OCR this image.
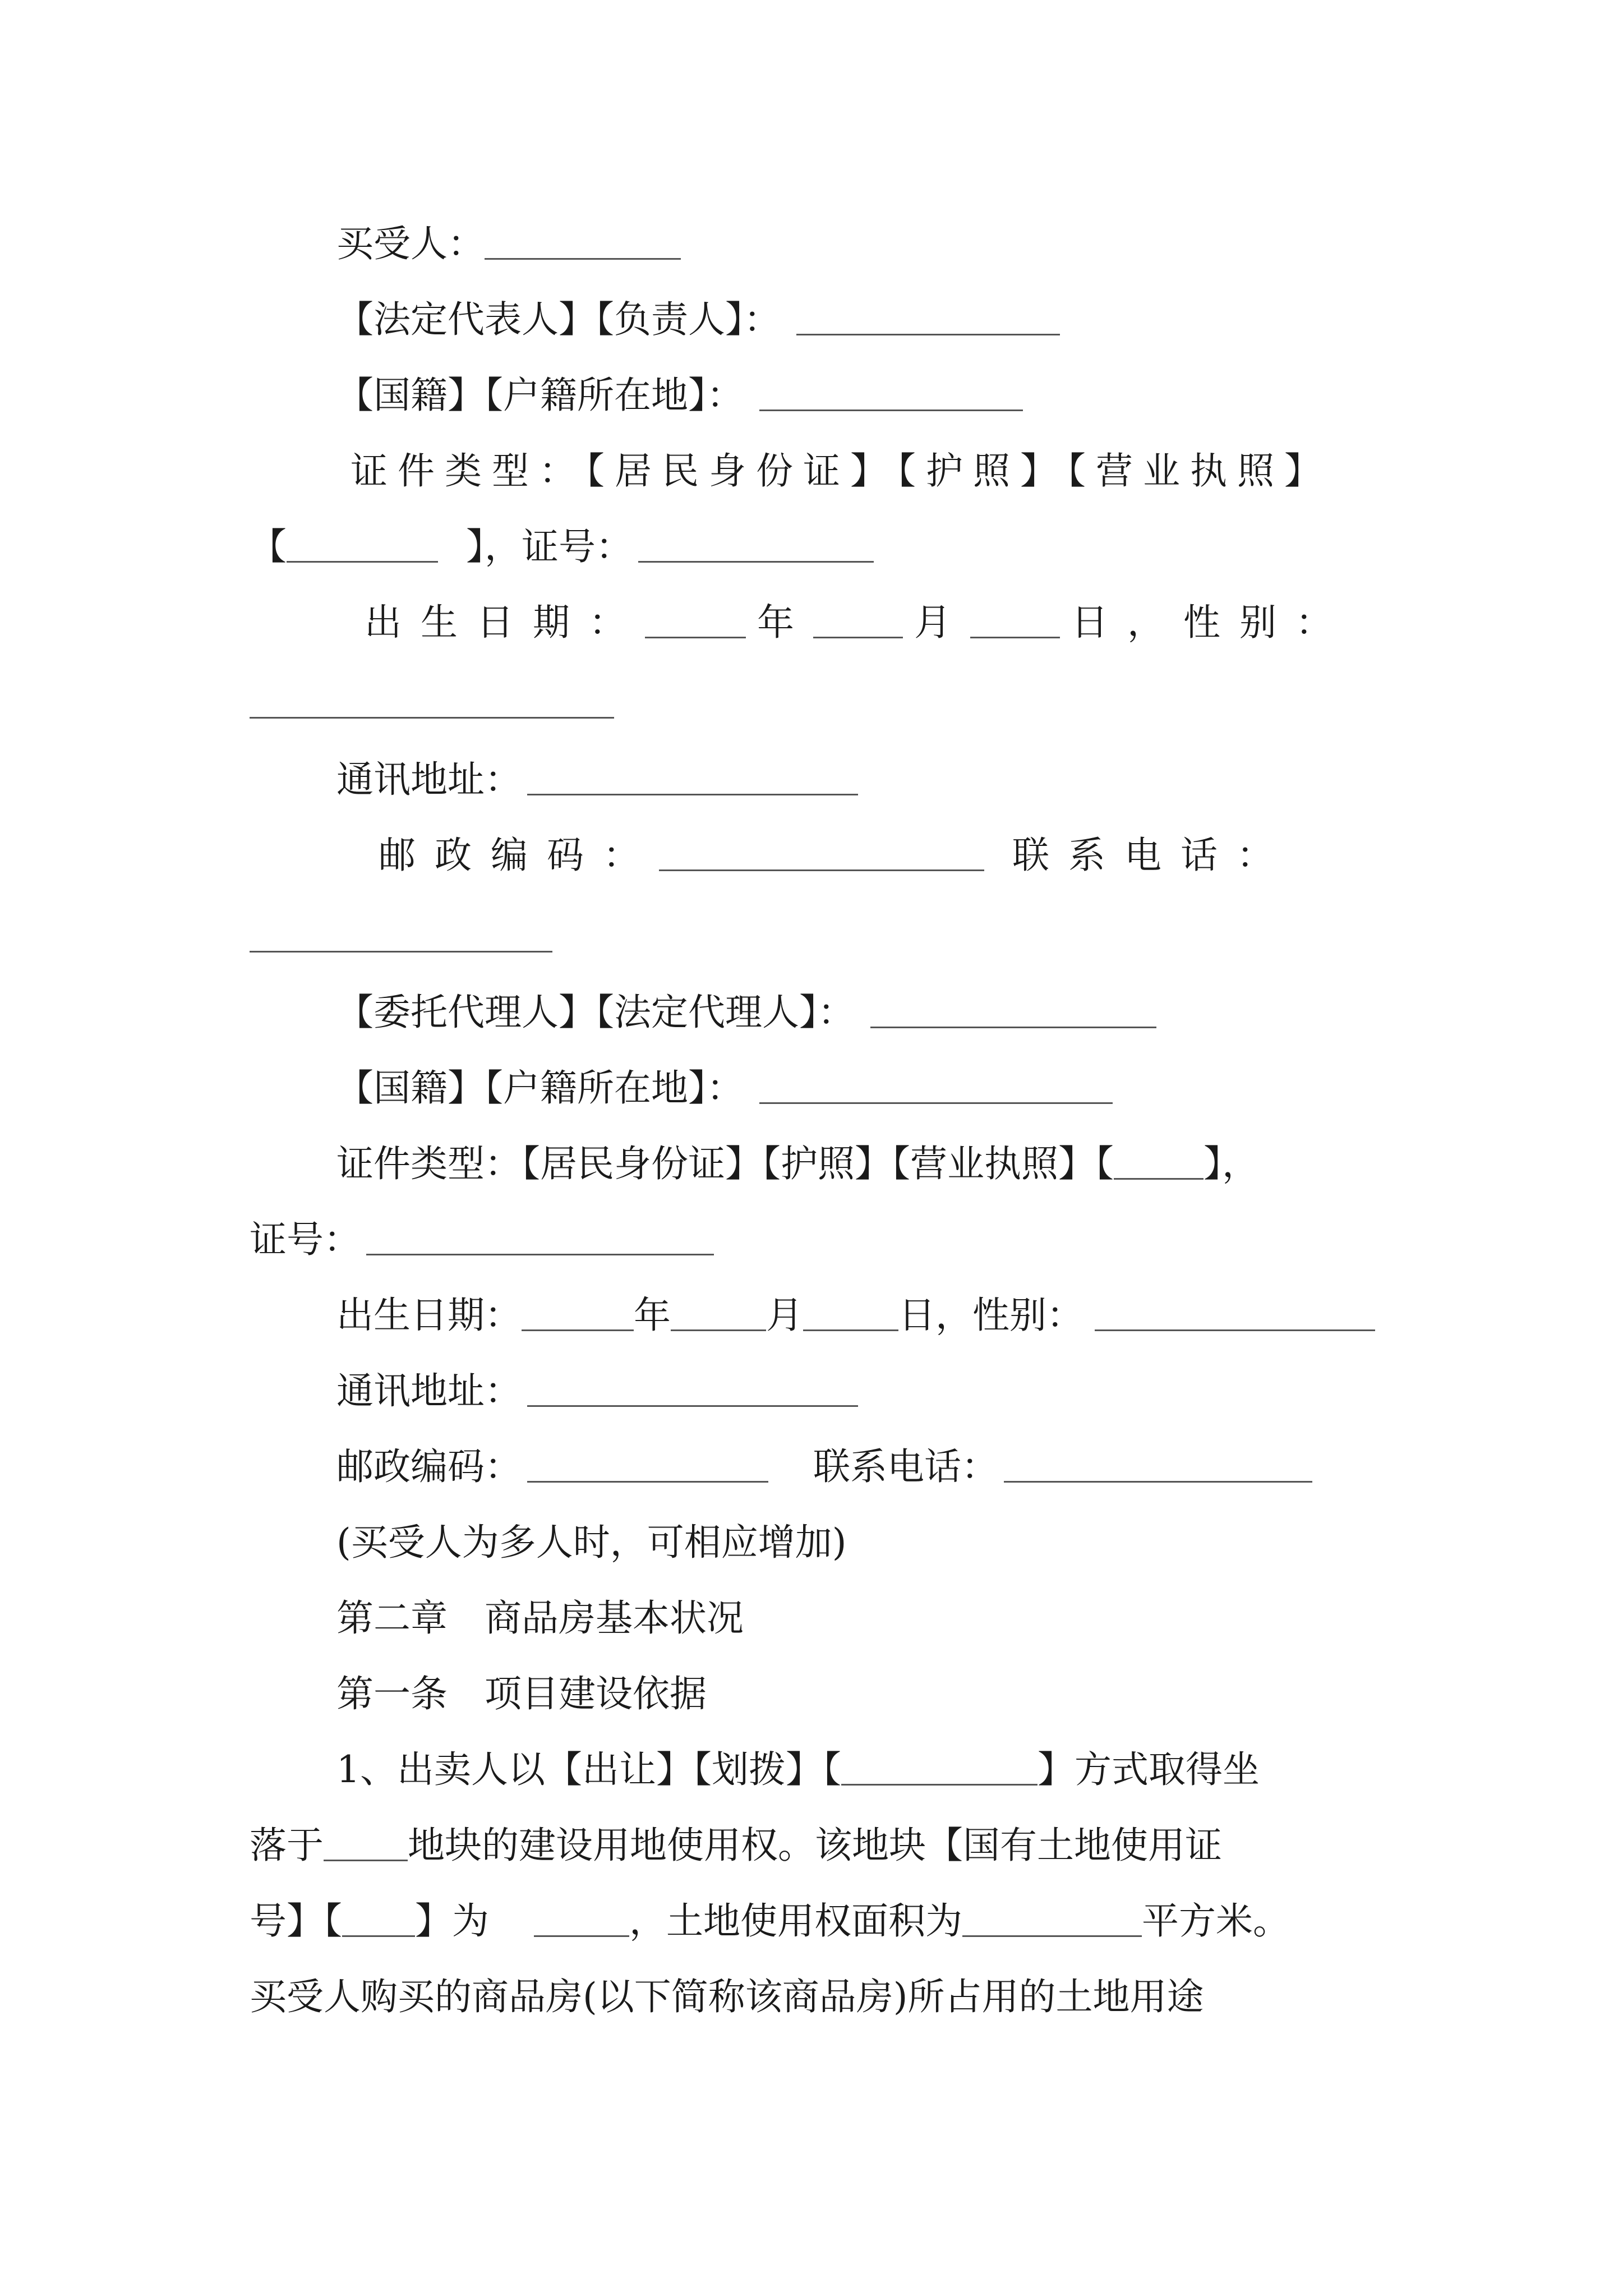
买受人：
【法定代表人】【负责人】：
【国籍】【户籍所在地】：
证件类型：【居民身份证】【护照】【营业执照】
【	】，证号：
出生日期：	年	月	日，性别：
通讯地址：
邮政编码：	联系电话：
【委托代理人】【法定代理人】：
【国籍】【户籍所在地】：
证件类型：【居民身份证】【护照】【营业执照】【 】，
证号：
出生日期：	年	月	日，性别：
通讯地址：
邮政编码：	联系电话：
(买受人为多人时，可相应增加)
第二章　商品房基本状况
第一条　项目建设依据
1、出卖人以【出让】【划拨】【	】方式取得坐
落于 地块的建设用地使用权。该地块【国有土地使用证
号】【 】为	，土地使用权面积为	平方米。
买受人购买的商品房(以下简称该商品房)所占用的土地用途
